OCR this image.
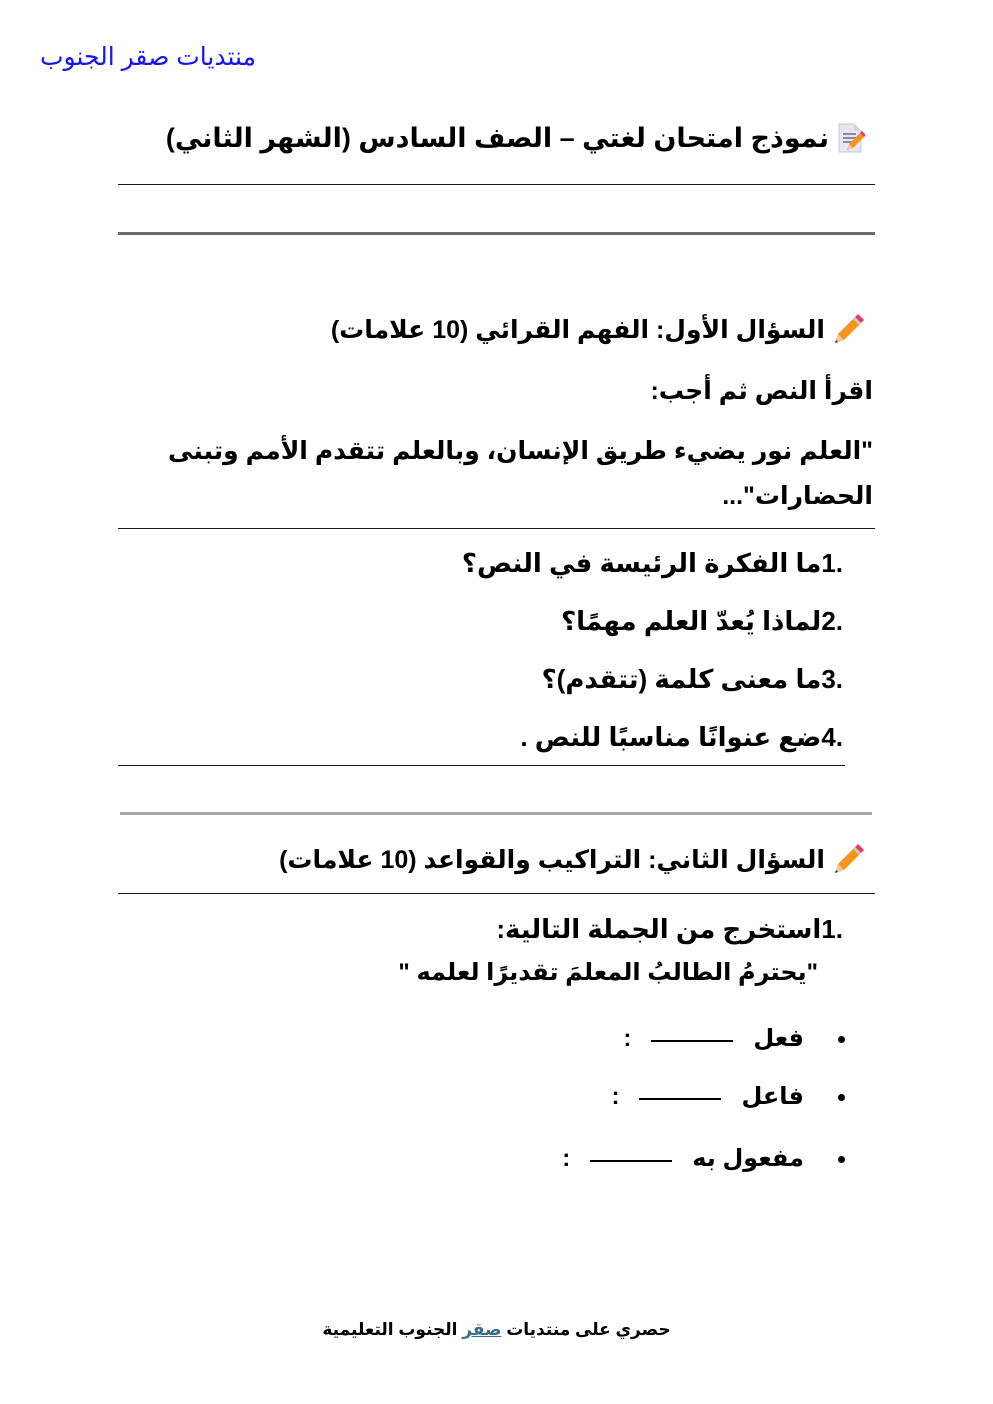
منتديات صقر الجنوب
نموذج امتحان لغتي – الصف السادس (الشهر الثاني)
السؤال الأول: الفهم القرائي (10 علامات)
اقرأ النص ثم أجب:
"العلم نور يضيء طريق الإنسان، وبالعلم تتقدم الأمم وتبنى
الحضارات"...
1.
ما الفكرة الرئيسة في النص؟
2.
لماذا يُعدّ العلم مهمًا؟
3.
ما معنى كلمة (تتقدم)؟
4.
ضع عنوانًا مناسبًا للنص .
السؤال الثاني: التراكيب والقواعد (10 علامات)
1.
استخرج من الجملة التالية:
"يحترمُ الطالبُ المعلمَ تقديرًا لعلمه "
فعل
:
فاعل
:
مفعول به
:
حصري على منتديات صقر الجنوب التعليمية
